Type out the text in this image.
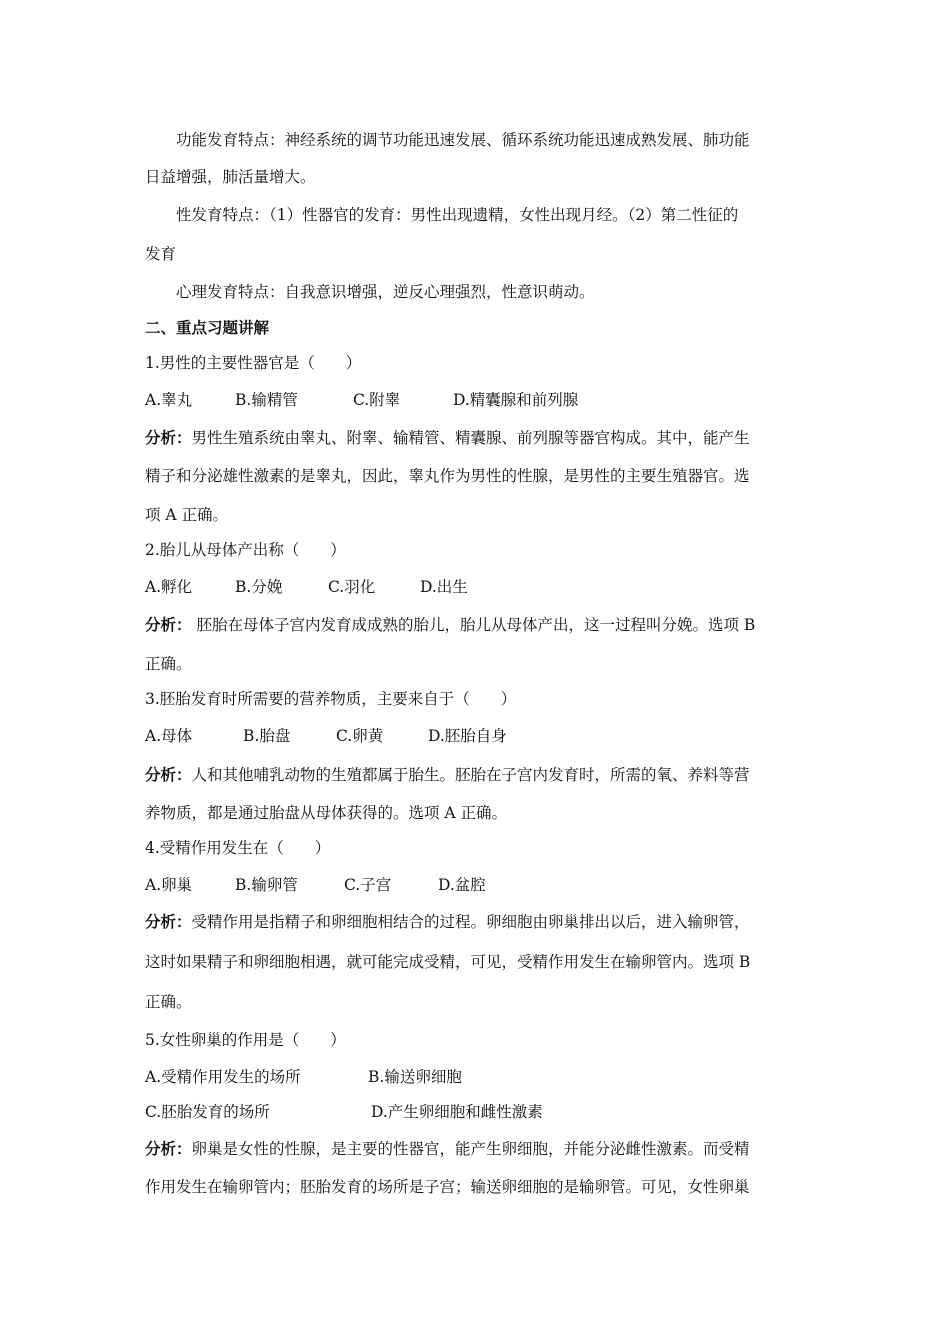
功能发育特点：神经系统的调节功能迅速发展、循环系统功能迅速成熟发展、肺功能
日益增强，肺活量增大。
性发育特点：（1）性器官的发育：男性出现遗精，女性出现月经。（2）第二性征的
发育
心理发育特点：自我意识增强，逆反心理强烈，性意识萌动。
二、重点习题讲解
1.男性的主要性器官是（　　）
A.睾丸	B.输精管	C.附睾	D.精囊腺和前列腺
分析：男性生殖系统由睾丸、附睾、输精管、精囊腺、前列腺等器官构成。其中，能产生
精子和分泌雄性激素的是睾丸，因此，睾丸作为男性的性腺，是男性的主要生殖器官。选
项 A 正确。
2.胎儿从母体产出称（　　）
A.孵化	B.分娩	C.羽化	D.出生
分析： 胚胎在母体子宫内发育成成熟的胎儿，胎儿从母体产出，这一过程叫分娩。选项 B
正确。
3.胚胎发育时所需要的营养物质，主要来自于（　　）
A.母体	B.胎盘	C.卵黄	D.胚胎自身
分析：人和其他哺乳动物的生殖都属于胎生。胚胎在子宫内发育时，所需的氧、养料等营
养物质，都是通过胎盘从母体获得的。选项 A 正确。
4.受精作用发生在（　　）
A.卵巢	B.输卵管	C.子宫	D.盆腔
分析：受精作用是指精子和卵细胞相结合的过程。卵细胞由卵巢排出以后，进入输卵管，
这时如果精子和卵细胞相遇，就可能完成受精，可见，受精作用发生在输卵管内。选项 B
正确。
5.女性卵巢的作用是（　　）
A.受精作用发生的场所	B.输送卵细胞
C.胚胎发育的场所	D.产生卵细胞和雌性激素
分析：卵巢是女性的性腺，是主要的性器官，能产生卵细胞，并能分泌雌性激素。而受精
作用发生在输卵管内；胚胎发育的场所是子宫；输送卵细胞的是输卵管。可见，女性卵巢
